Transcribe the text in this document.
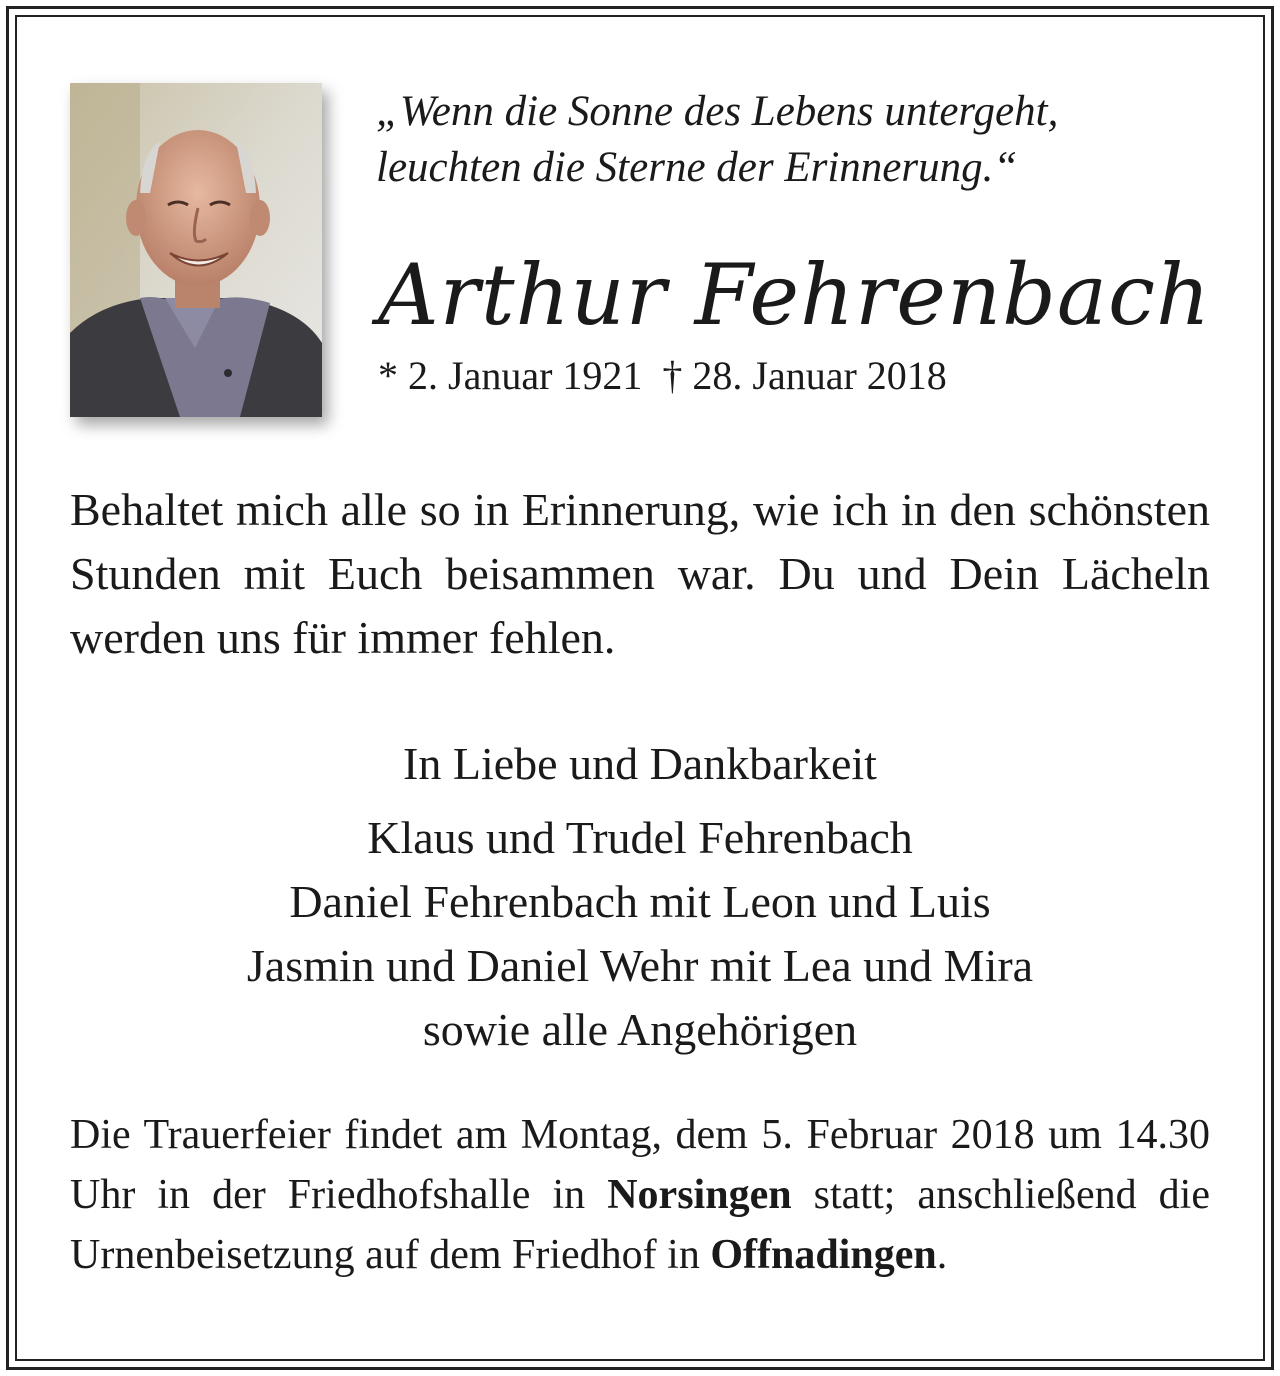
„Wenn die Sonne des Lebens untergeht,
leuchten die Sterne der Erinnerung.“
Arthur Fehrenbach
* 2. Januar 1921  † 28. Januar 2018
Behaltet mich alle so in Erinnerung, wie ich in den schönsten Stunden mit Euch beisammen war. Du und Dein Lächeln werden uns für immer fehlen.
In Liebe und Dankbarkeit
Klaus und Trudel Fehrenbach
Daniel Fehrenbach mit Leon und Luis
Jasmin und Daniel Wehr mit Lea und Mira
sowie alle Angehörigen
Die Trauerfeier findet am Montag, dem 5. Februar 2018 um 14.30 Uhr in der Friedhofshalle in Norsingen statt; anschließend die Urnenbeisetzung auf dem Friedhof in Offnadingen.
